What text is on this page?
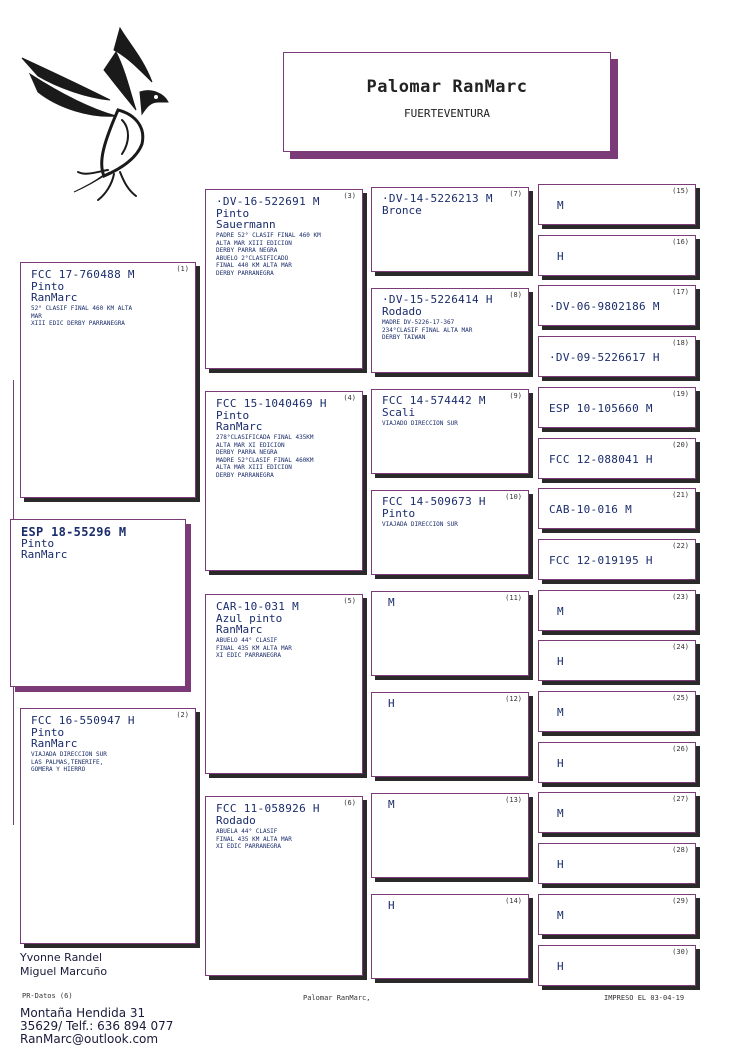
Palomar RanMarc
FUERTEVENTURA
ESP 18-55296 M
Pinto
RanMarc
(1)
FCC 17-760488 M
Pinto
RanMarc
52° CLASIF FINAL 460 KM ALTA
MAR
XIII EDIC DERBY PARRANEGRA
(2)
FCC 16-550947 H
Pinto
RanMarc
VIAJADA DIRECCION SUR
LAS PALMAS,TENERIFE,
GOMERA Y HIERRO
(3)
·DV-16-522691 M
Pinto
Sauermann
PADRE 52° CLASIF FINAL 460 KM
ALTA MAR XIII EDICION
DERBY PARRA NEGRA
ABUELO 2°CLASIFICADO
FINAL 440 KM ALTA MAR
DERBY PARRANEGRA
(4)
FCC 15-1040469 H
Pinto
RanMarc
278°CLASIFICADA FINAL 435KM
ALTA MAR XI EDICION
DERBY PARRA NEGRA
MADRE 52°CLASIF FINAL 460KM
ALTA MAR XIII EDICION
DERBY PARRANEGRA
(5)
CAR-10-031 M
Azul pinto
RanMarc
ABUELO 44° CLASIF
FINAL 435 KM ALTA MAR
XI EDIC PARRANEGRA
(6)
FCC 11-058926 H
Rodado
ABUELA 44° CLASIF
FINAL 435 KM ALTA MAR
XI EDIC PARRANEGRA
(7)
·DV-14-5226213 M
Bronce
(8)
·DV-15-5226414 H
Rodado
MADRE DV-5226-17-367
234°CLASIF FINAL ALTA MAR
DERBY TAIWAN
(9)
FCC 14-574442 M
Scali
VIAJADO DIRECCION SUR
(10)
FCC 14-509673 H
Pinto
VIAJADA DIRECCION SUR
(11)
M
(12)
H
(13)
M
(14)
H
(15)
M
(16)
H
(17)
·DV-06-9802186 M
(18)
·DV-09-5226617 H
(19)
ESP 10-105660 M
(20)
FCC 12-088041 H
(21)
CAB-10-016 M
(22)
FCC 12-019195 H
(23)
M
(24)
H
(25)
M
(26)
H
(27)
M
(28)
H
(29)
M
(30)
H
Yvonne Randel
Miguel Marcuño
PR-Datos (6)	Palomar RanMarc,	IMPRESO EL 03-04-19
Montaña Hendida 31
35629/ Telf.: 636 894 077
RanMarc@outlook.com
